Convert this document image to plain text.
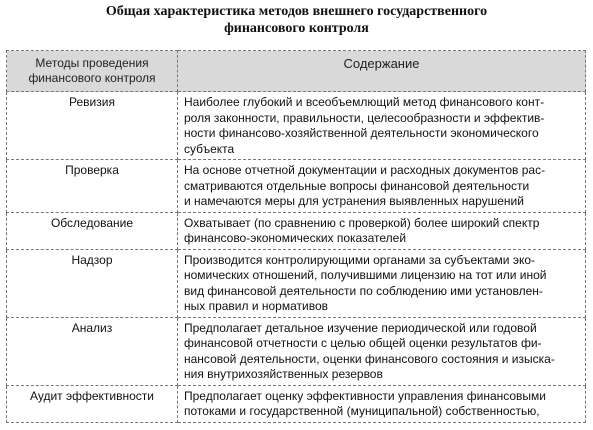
Общая характеристика методов внешнего государственного
финансового контроля
Методы проведения
финансового контроля	Содержание
Ревизия	Наиболее глубокий и всеобъемлющий метод финансового конт-
роля законности, правильности, целесообразности и эффектив-
ности финансово-хозяйственной деятельности экономического
субъекта

Проверка	На основе отчетной документации и расходных документов рас-
сматриваются отдельные вопросы финансовой деятельности
и намечаются меры для устранения выявленных нарушений

Обследование	Охватывает (по сравнению с проверкой) более широкий спектр
финансово-экономических показателей

Надзор	Производится контролирующими органами за субъектами эко-
номических отношений, получившими лицензию на тот или иной
вид финансовой деятельности по соблюдению ими установлен-
ных правил и нормативов

Анализ	Предполагает детальное изучение периодической или годовой
финансовой отчетности с целью общей оценки результатов фи-
нансовой деятельности, оценки финансового состояния и изыска-
ния внутрихозяйственных резервов

Аудит эффективности	Предполагает оценку эффективности управления финансовыми
потоками и государственной (муниципальной) собственностью,
